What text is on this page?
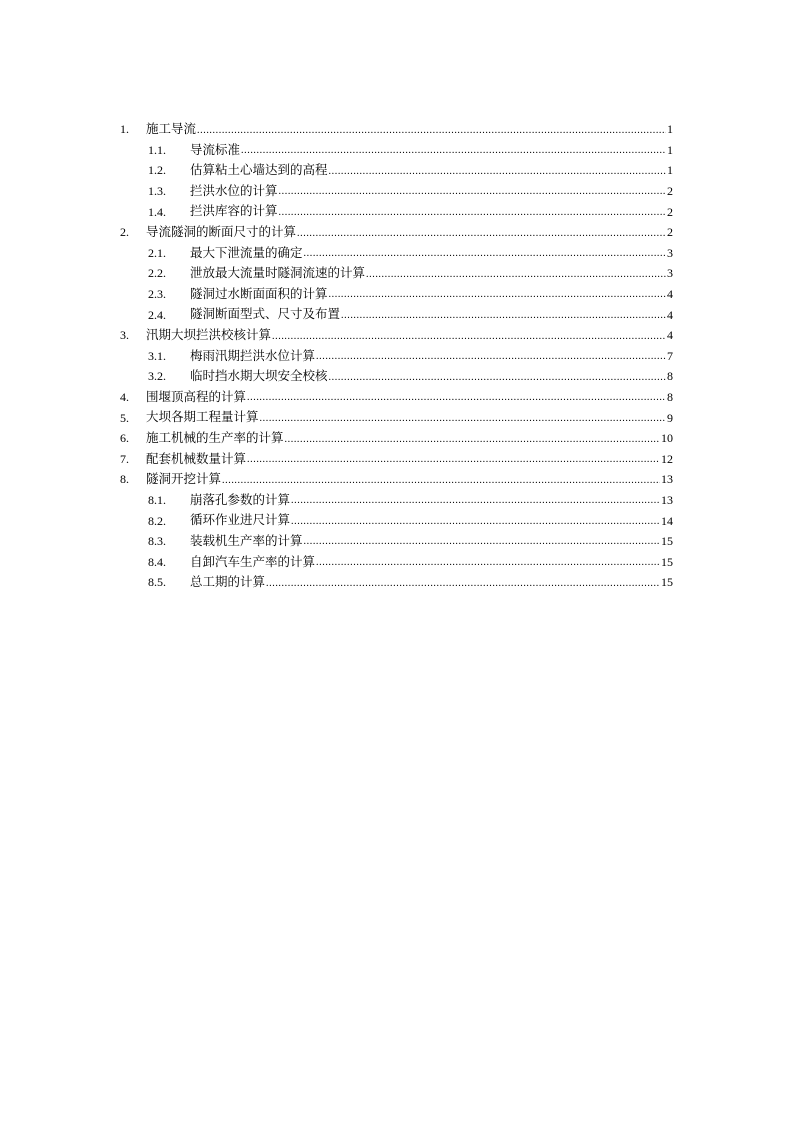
1.	施工导流 .....	1
1.1.	导流标准 .....	1
1.2.	估算粘土心墙达到的高程 .....	1
1.3.	拦洪水位的计算 .....	2
1.4.	拦洪库容的计算 .....	2
2.	导流隧洞的断面尺寸的计算 .....	2
2.1.	最大下泄流量的确定 .....	3
2.2.	泄放最大流量时隧洞流速的计算 .....	3
2.3.	隧洞过水断面面积的计算 .....	4
2.4.	隧洞断面型式、尺寸及布置 .....	4
3.	汛期大坝拦洪校核计算 .....	4
3.1.	梅雨汛期拦洪水位计算 .....	7
3.2.	临时挡水期大坝安全校核 .....	8
4.	围堰顶高程的计算 .....	8
5.	大坝各期工程量计算 .....	9
6.	施工机械的生产率的计算 .....	10
7.	配套机械数量计算 .....	12
8.	隧洞开挖计算 .....	13
8.1.	崩落孔参数的计算 .....	13
8.2.	循环作业进尺计算 .....	14
8.3.	装载机生产率的计算 .....	15
8.4.	自卸汽车生产率的计算 .....	15
8.5.	总工期的计算 .....	15
